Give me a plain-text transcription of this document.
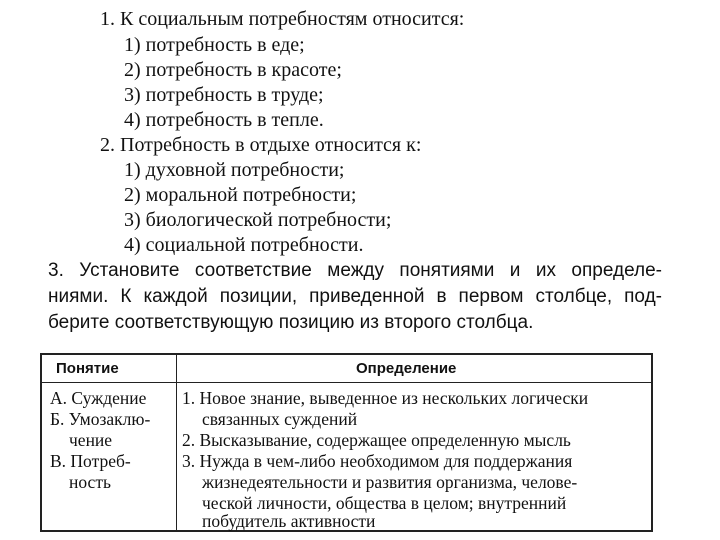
1. К социальным потребностям относится:
1) потребность в еде;
2) потребность в красоте;
3) потребность в труде;
4) потребность в тепле.
2. Потребность в отдыхе относится к:
1) духовной потребности;
2) моральной потребности;
3) биологической потребности;
4) социальной потребности.
3. Установите соответствие между понятиями и их определе-
ниями. К каждой позиции, приведенной в первом столбце, под-
берите соответствующую позицию из второго столбца.
Понятие	Определение
А. Суждение
Б. Умозаклю-
чение
В. Потреб-
ность
1. Новое знание, выведенное из нескольких логически
связанных суждений
2. Высказывание, содержащее определенную мысль
3. Нужда в чем-либо необходимом для поддержания
жизнедеятельности и развития организма, челове-
ческой личности, общества в целом; внутренний
побудитель активности
